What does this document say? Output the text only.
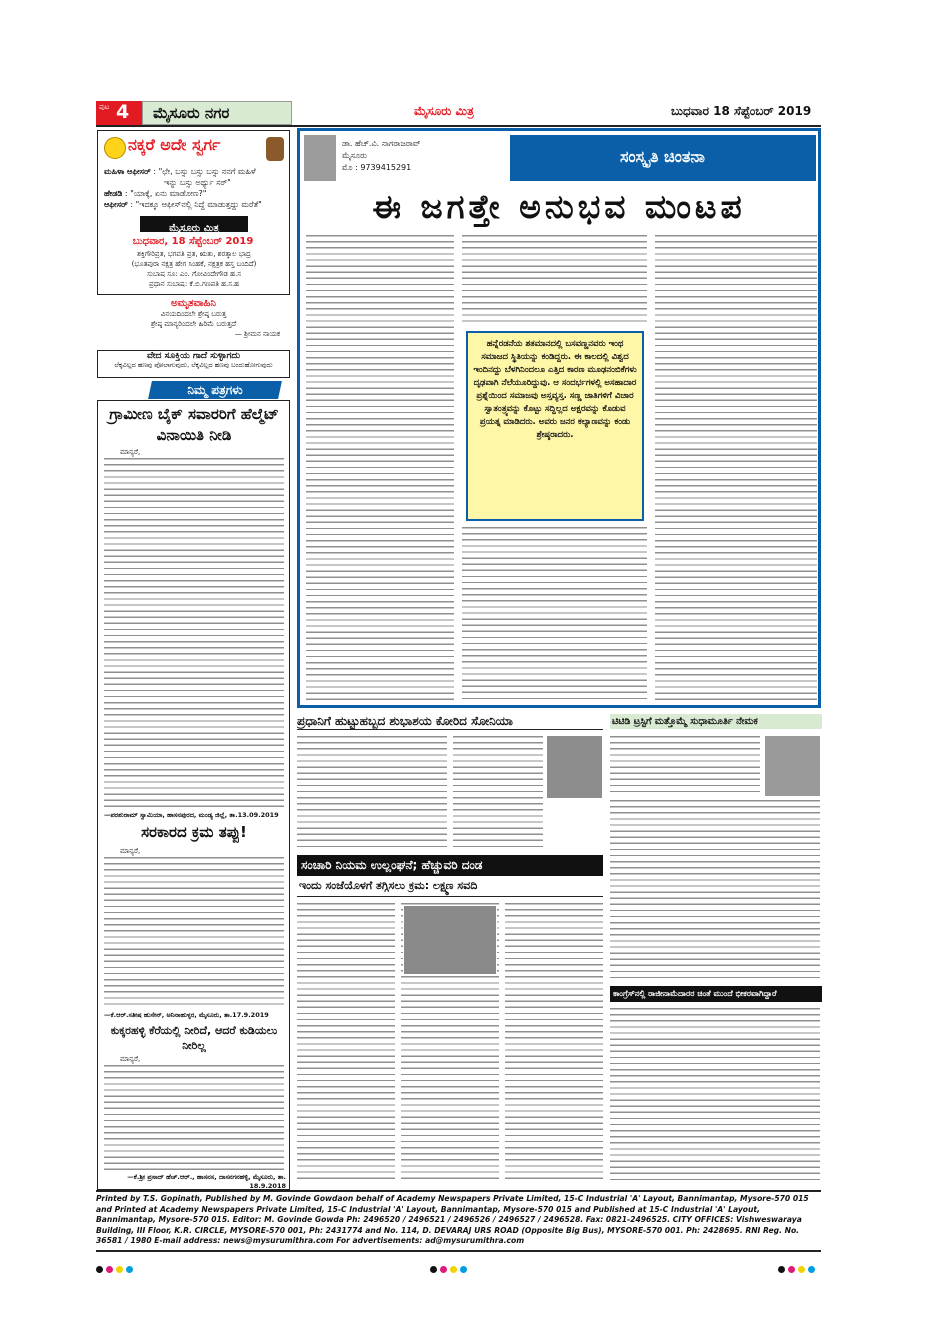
ಪುಟ 4 ಮೈಸೂರು ನಗರ	ಮೈಸೂರು ಮಿತ್ರ	ಬುಧವಾರ 18 ಸೆಪ್ಟೆಂಬರ್ 2019
ನಕ್ಕರೆ ಅದೇ ಸ್ವರ್ಗ
ಮಹಿಳಾ ಆಫೀಸರ್ : "ಛೇ, ಬಸ್ಸು ಬಸ್ಸು ಬಸ್ಸು ನನಗೆ ಮಹಿಳೆ
ಇನ್ನು ಬಸ್ಸು ಅರ್ಥ್ಯು ಸರ್"
ಹೇಡಡಿ : "ಯಾಕ್ಕೆ, ಏನು ಮಾಡೋಣ?"
ಆಫೀಸರ್ : "ಇದಕ್ಕೂ ಆಫೀಸ್‌ನಲ್ಲಿ ನಿದ್ದೆ ಮಾಡುತ್ತದ್ದು ಮರೆತೆ"
ಮೈಸೂರು ಮಿತ್ರ
ಬುಧವಾರ, 18 ಸೆಪ್ಟೆಂಬರ್ 2019
ಶಕ್ತಿಗೌರಿವ್ರತ, ಭಗವತಿ ವ್ರತ, ಋತು, ಶರತ್ಕಾಲ ಭಾದ್ರ
(ಭೂತಪುರಾ ನಕ್ಷತ್ರ ಹೇಗ ಸಿಂಹಕೆ, ನಕ್ಷತ್ರಕ ಹಸ್ತ ಬಂದಿದೆ)
ಸುಬಾಷ ಸೂ: ಎಂ. ಗೋವಿಂದೇಗೌಡ ಹ.ಸ
ಪ್ರಧಾನ ಸುಬಾಷ: ಕೆ.ಬಿ.ಗಣಪತಿ ಹ.ಸ.ಹ
ಅಮೃತವಾಹಿನಿ
ವಿನಯದಿಂದಲೇ ಶ್ರೇಷ್ಠ ಬರುತ್ತ
ಶ್ರೇಷ್ಠ ಮಾನ್ಯರಿಂದಲೇ ಹಿರಿಮೆ ಬರುತ್ತದೆ
— ಶ್ರೀಮನ ನಾಯಕ
ವೇದ ಸೂಕ್ತಿಯ ಗಾದೆ ಸುಳ್ಳಾಗದು
ಲೆಕ್ಕವಿಲ್ಲದ ಹಣವು ಪೋಲಾಗುವುದು, ಲೆಕ್ಕವಿಲ್ಲದ ಹಣವು ಬಂದುಹೋಗುವುದು
ನಿಮ್ಮ ಪತ್ರಗಳು
ಗ್ರಾಮೀಣ ಬೈಕ್ ಸವಾರರಿಗೆ ಹೆಲ್ಮೆಟ್ ವಿನಾಯಿತಿ ನೀಡಿ
ಮಾನ್ಯರೆ,
—ಪರಶುರಾಮ್ ಸ್ವಾಮಿಯಾ, ಹಾಸನಪುರದ, ಮಂಡ್ಯ ಜಿಲ್ಲೆ, ತಾ.13.09.2019
ಸರಕಾರದ ಕ್ರಮ ತಪ್ಪು!
ಮಾನ್ಯರೆ,
—ಕೆ.ಆರ್.ಸತೀಷ ಹುಸೇನ್, ಅನಿನಾಹುಳ್ಳರ, ಮೈಸೂರು, ತಾ.17.9.2019
ಕುಕ್ಕರಹಳ್ಳಿ ಕೆರೆಯಲ್ಲಿ ನೀರಿದೆ, ಆದರೆ ಕುಡಿಯಲು ನೀರಿಲ್ಲ
ಮಾನ್ಯರೆ,
—ಕೆ.ಶ್ರೀ ಪ್ರಸಾದ್ ಹೆಚ್.ಆರ್., ಹಾಸನಸ, ದಾಸನಗನಹಳ್ಳಿ, ಮೈಸೂರು, ತಾ. 18.9.2018
ಡಾ. ಹೆಚ್.ವಿ. ನಾಗರಾಜರಾವ್
ಮೈಸೂರು
ಮೊ : 9739415291
ಸಂಸ್ಕೃತಿ ಚಿಂತನಾ
ಈ ಜಗತ್ತೇ ಅನುಭವ ಮಂಟಪ
ಹನ್ನೆರಡನೆಯ ಶತಮಾನದಲ್ಲಿ ಬಸವಣ್ಣನವರು ಇಂಥ ಸಮಾಜದ ಸ್ಥಿತಿಯನ್ನು ಕಂಡಿದ್ದರು. ಈ ಕಾಲದಲ್ಲಿ ವಿಶ್ವದ ಇಂದಿನದ್ದು ಬೆಳಗಿನಿಂದಲೂ ಎತ್ತಿದ ಕಾರಣ ಮೂಢನಂಬಿಕೆಗಳು ದೃಢವಾಗಿ ನೆಲೆಯೂರಿದ್ದುವು. ಆ ಸಂದರ್ಭಗಳಲ್ಲಿ ಅಸಹಾದಾರ ಪ್ರಶ್ನೆಯಿಂದ ಸಮಾಜವು ಅಸ್ತವ್ಯಸ್ತ. ಸಣ್ಣ ಜಾತಿಗಳಿಗೆ ವಿಚಾರ ಸ್ವಾತಂತ್ರ್ಯವನ್ನು ಕೊಟ್ಟು ಸದ್ದಿಲ್ಲದ ಅಕ್ಷರವನ್ನು ಕೊಡುವ ಪ್ರಯತ್ನ ಮಾಡಿದರು. ಅವರು ಜನರ ಕಲ್ಯಾಣವನ್ನು ಕಂಡು ಶ್ರೇಷ್ಠರಾದರು.
ಪ್ರಧಾನಿಗೆ ಹುಟ್ಟುಹಬ್ಬದ ಶುಭಾಶಯ ಕೋರಿದ ಸೋನಿಯಾ	ಟಿಟಿಡಿ ಟ್ರಸ್ಟಿಗೆ ಮತ್ತೊಮ್ಮೆ ಸುಧಾಮೂರ್ತಿ ನೇಮಕ
ಸಂಚಾರಿ ನಿಯಮ ಉಲ್ಲಂಘನೆ; ಹೆಚ್ಚುವರಿ ದಂಡ
ಇಂದು ಸಂಜೆಯೊಳಗೆ ತಗ್ಗಿಸಲು ಕ್ರಮ: ಲಕ್ಷ್ಮಣ ಸವದಿ
ಕಾಂಗ್ರೆಸ್‌ನಲ್ಲಿ ರಾಜೀನಾಮೆದಾರರ ಚಿಂತೆ ಮುಂದೆ ಭೀಕರವಾಗಿದ್ದಾರೆ
Printed by T.S. Gopinath, Published by M. Govinde Gowdaon behalf of Academy Newspapers Private Limited, 15-C Industrial 'A' Layout, Bannimantap, Mysore-570 015 and Printed at Academy Newspapers Private Limited, 15-C Industrial 'A' Layout, Bannimantap, Mysore-570 015 and Published at 15-C Industrial 'A' Layout, Bannimantap, Mysore-570 015. Editor: M. Govinde Gowda Ph: 2496520 / 2496521 / 2496526 / 2496527 / 2496528. Fax: 0821-2496525. CITY OFFICES: Vishweswaraya Building, III Floor, K.R. CIRCLE, MYSORE-570 001, Ph: 2431774 and No. 114, D. DEVARAJ URS ROAD (Opposite Big Bus), MYSORE-570 001. Ph: 2428695. RNI Reg. No. 36581 / 1980 E-mail address: news@mysurumithra.com For advertisements: ad@mysurumithra.com
